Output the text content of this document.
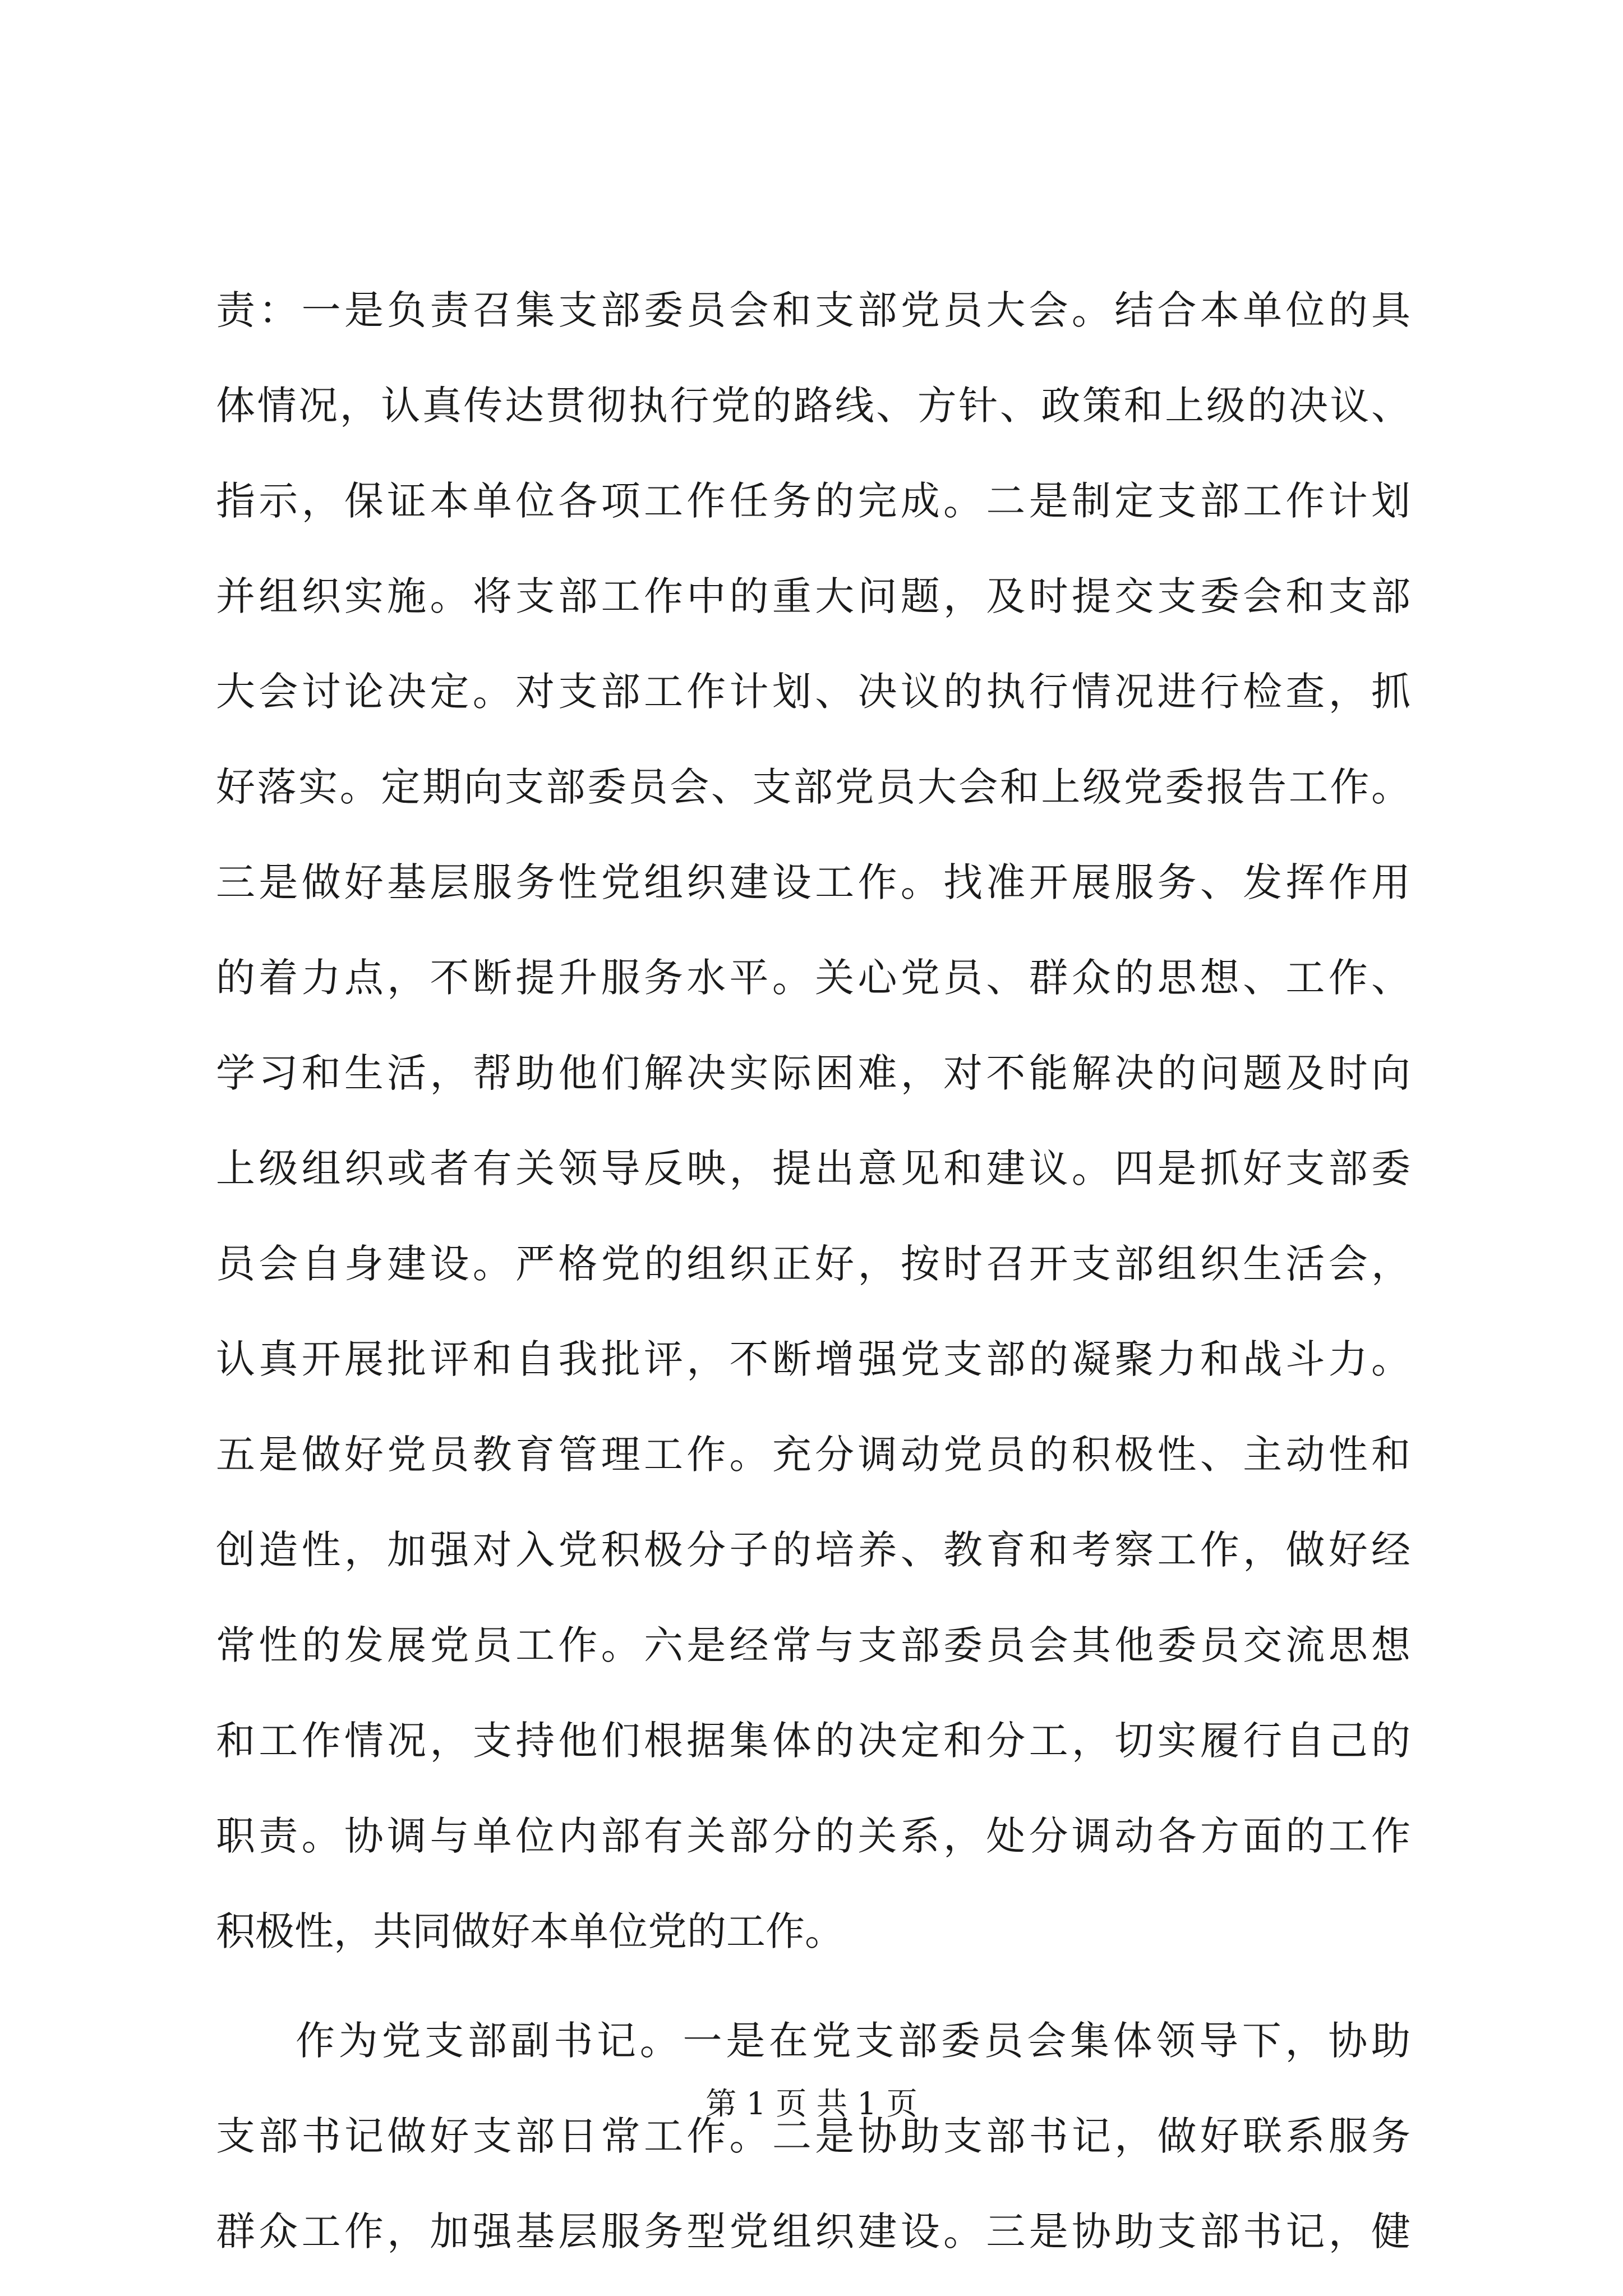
责：一是负责召集支部委员会和支部党员大会。结合本单位的具
体情况，认真传达贯彻执行党的路线、方针、政策和上级的决议、
指示，保证本单位各项工作任务的完成。二是制定支部工作计划
并组织实施。将支部工作中的重大问题，及时提交支委会和支部
大会讨论决定。对支部工作计划、决议的执行情况进行检查，抓
好落实。定期向支部委员会、支部党员大会和上级党委报告工作。
三是做好基层服务性党组织建设工作。找准开展服务、发挥作用
的着力点，不断提升服务水平。关心党员、群众的思想、工作、
学习和生活，帮助他们解决实际困难，对不能解决的问题及时向
上级组织或者有关领导反映，提出意见和建议。四是抓好支部委
员会自身建设。严格党的组织正好，按时召开支部组织生活会，
认真开展批评和自我批评，不断增强党支部的凝聚力和战斗力。
五是做好党员教育管理工作。充分调动党员的积极性、主动性和
创造性，加强对入党积极分子的培养、教育和考察工作，做好经
常性的发展党员工作。六是经常与支部委员会其他委员交流思想
和工作情况，支持他们根据集体的决定和分工，切实履行自己的
职责。协调与单位内部有关部分的关系，处分调动各方面的工作
积极性，共同做好本单位党的工作。
作为党支部副书记。一是在党支部委员会集体领导下，协助
支部书记做好支部日常工作。二是协助支部书记，做好联系服务
群众工作，加强基层服务型党组织建设。三是协助支部书记，健
第 1 页 共 1 页
